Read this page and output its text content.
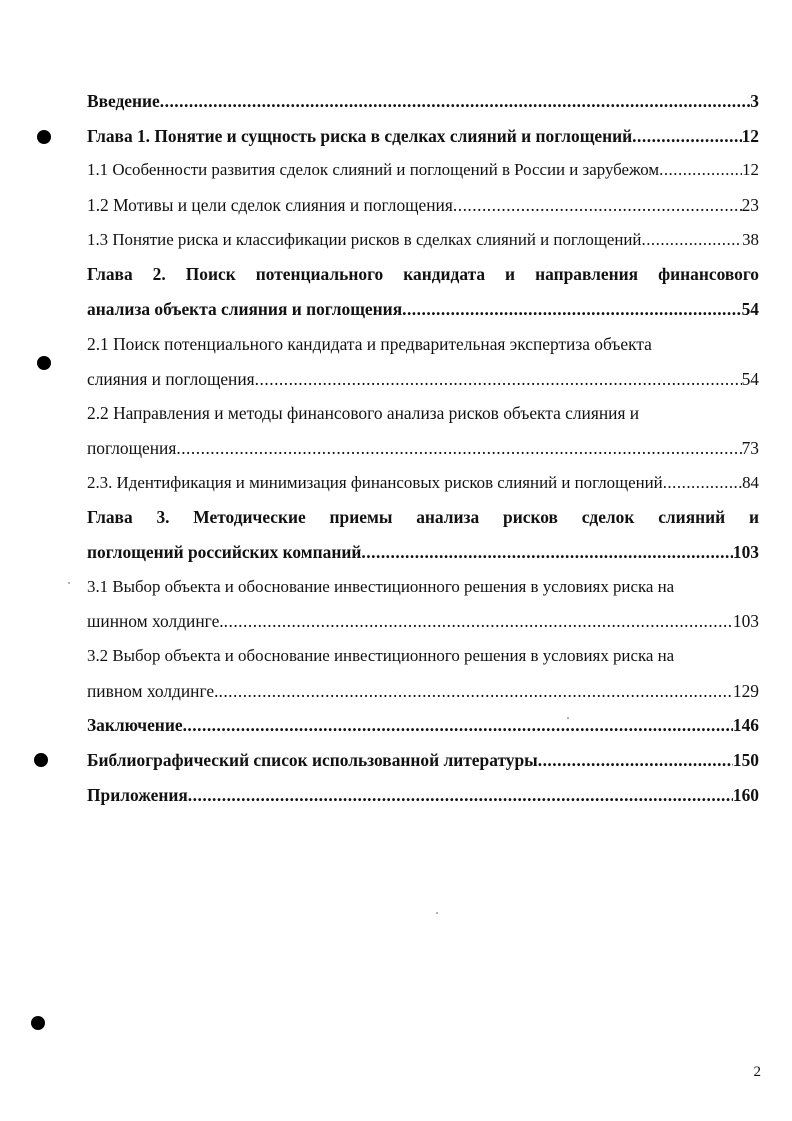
Введение .....	3
Глава 1. Понятие и сущность риска в сделках слияний и поглощений .....	12
1.1 Особенности развития сделок слияний и поглощений в России и зарубежом .....	12
1.2 Мотивы и цели сделок слияния и поглощения .....	23
1.3 Понятие риска и классификации рисков в сделках слияний и поглощений .....	38
Глава 2. Поиск потенциального кандидата и направления финансового
анализа объекта слияния и поглощения .....	54
2.1 Поиск потенциального кандидата и предварительная экспертиза объекта
слияния и поглощения .....	54
2.2 Направления и методы финансового анализа рисков объекта слияния и
поглощения .....	73
2.3. Идентификация и минимизация финансовых рисков слияний и поглощений .....	84
Глава 3. Методические приемы анализа рисков сделок слияний и
поглощений российских компаний .....	103
3.1 Выбор объекта и обоснование инвестиционного решения в условиях риска на
шинном холдинге. .....	103
3.2 Выбор объекта и обоснование инвестиционного решения в условиях риска на
пивном холдинге. .....	129
Заключение .....	146
Библиографический список использованной литературы .....	150
Приложения .....	160
2
